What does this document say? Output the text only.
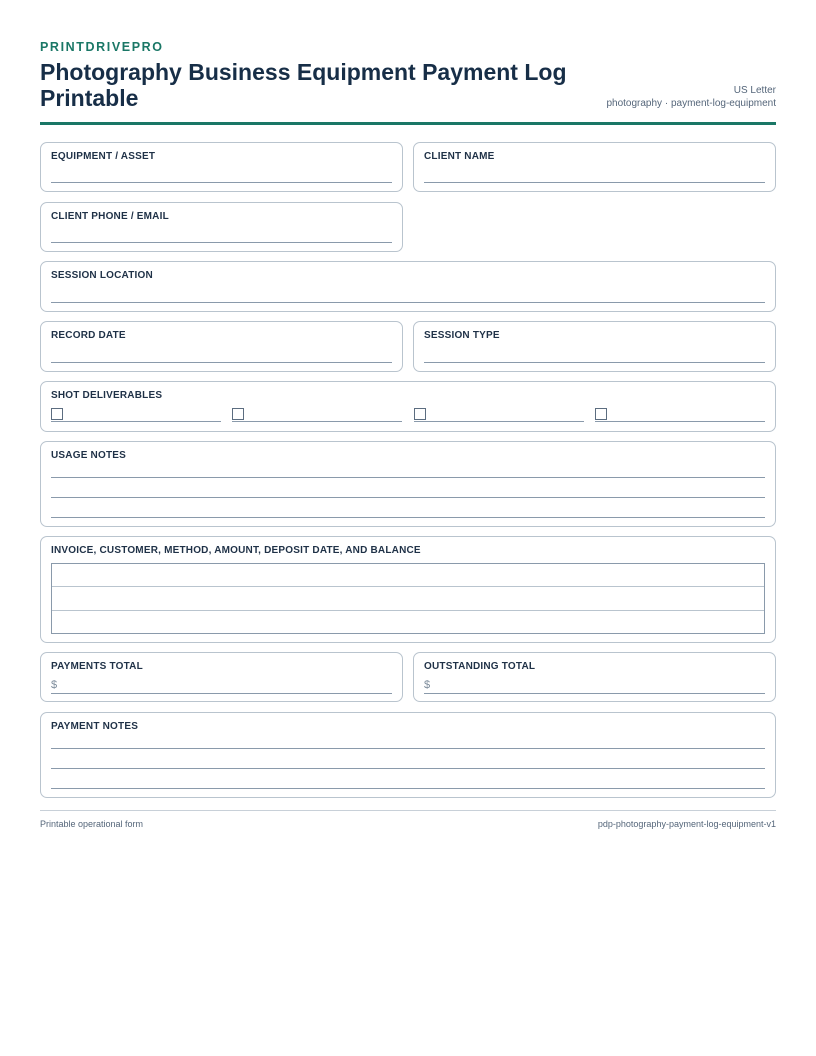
PRINTDRIVEPRO
Photography Business Equipment Payment Log Printable	US Letter
photography · payment-log-equipment
EQUIPMENT / ASSET	CLIENT NAME
CLIENT PHONE / EMAIL
SESSION LOCATION
RECORD DATE	SESSION TYPE
SHOT DELIVERABLES
USAGE NOTES
INVOICE, CUSTOMER, METHOD, AMOUNT, DEPOSIT DATE, AND BALANCE
PAYMENTS TOTAL
$
OUTSTANDING TOTAL
$
PAYMENT NOTES
Printable operational form	pdp-photography-payment-log-equipment-v1
